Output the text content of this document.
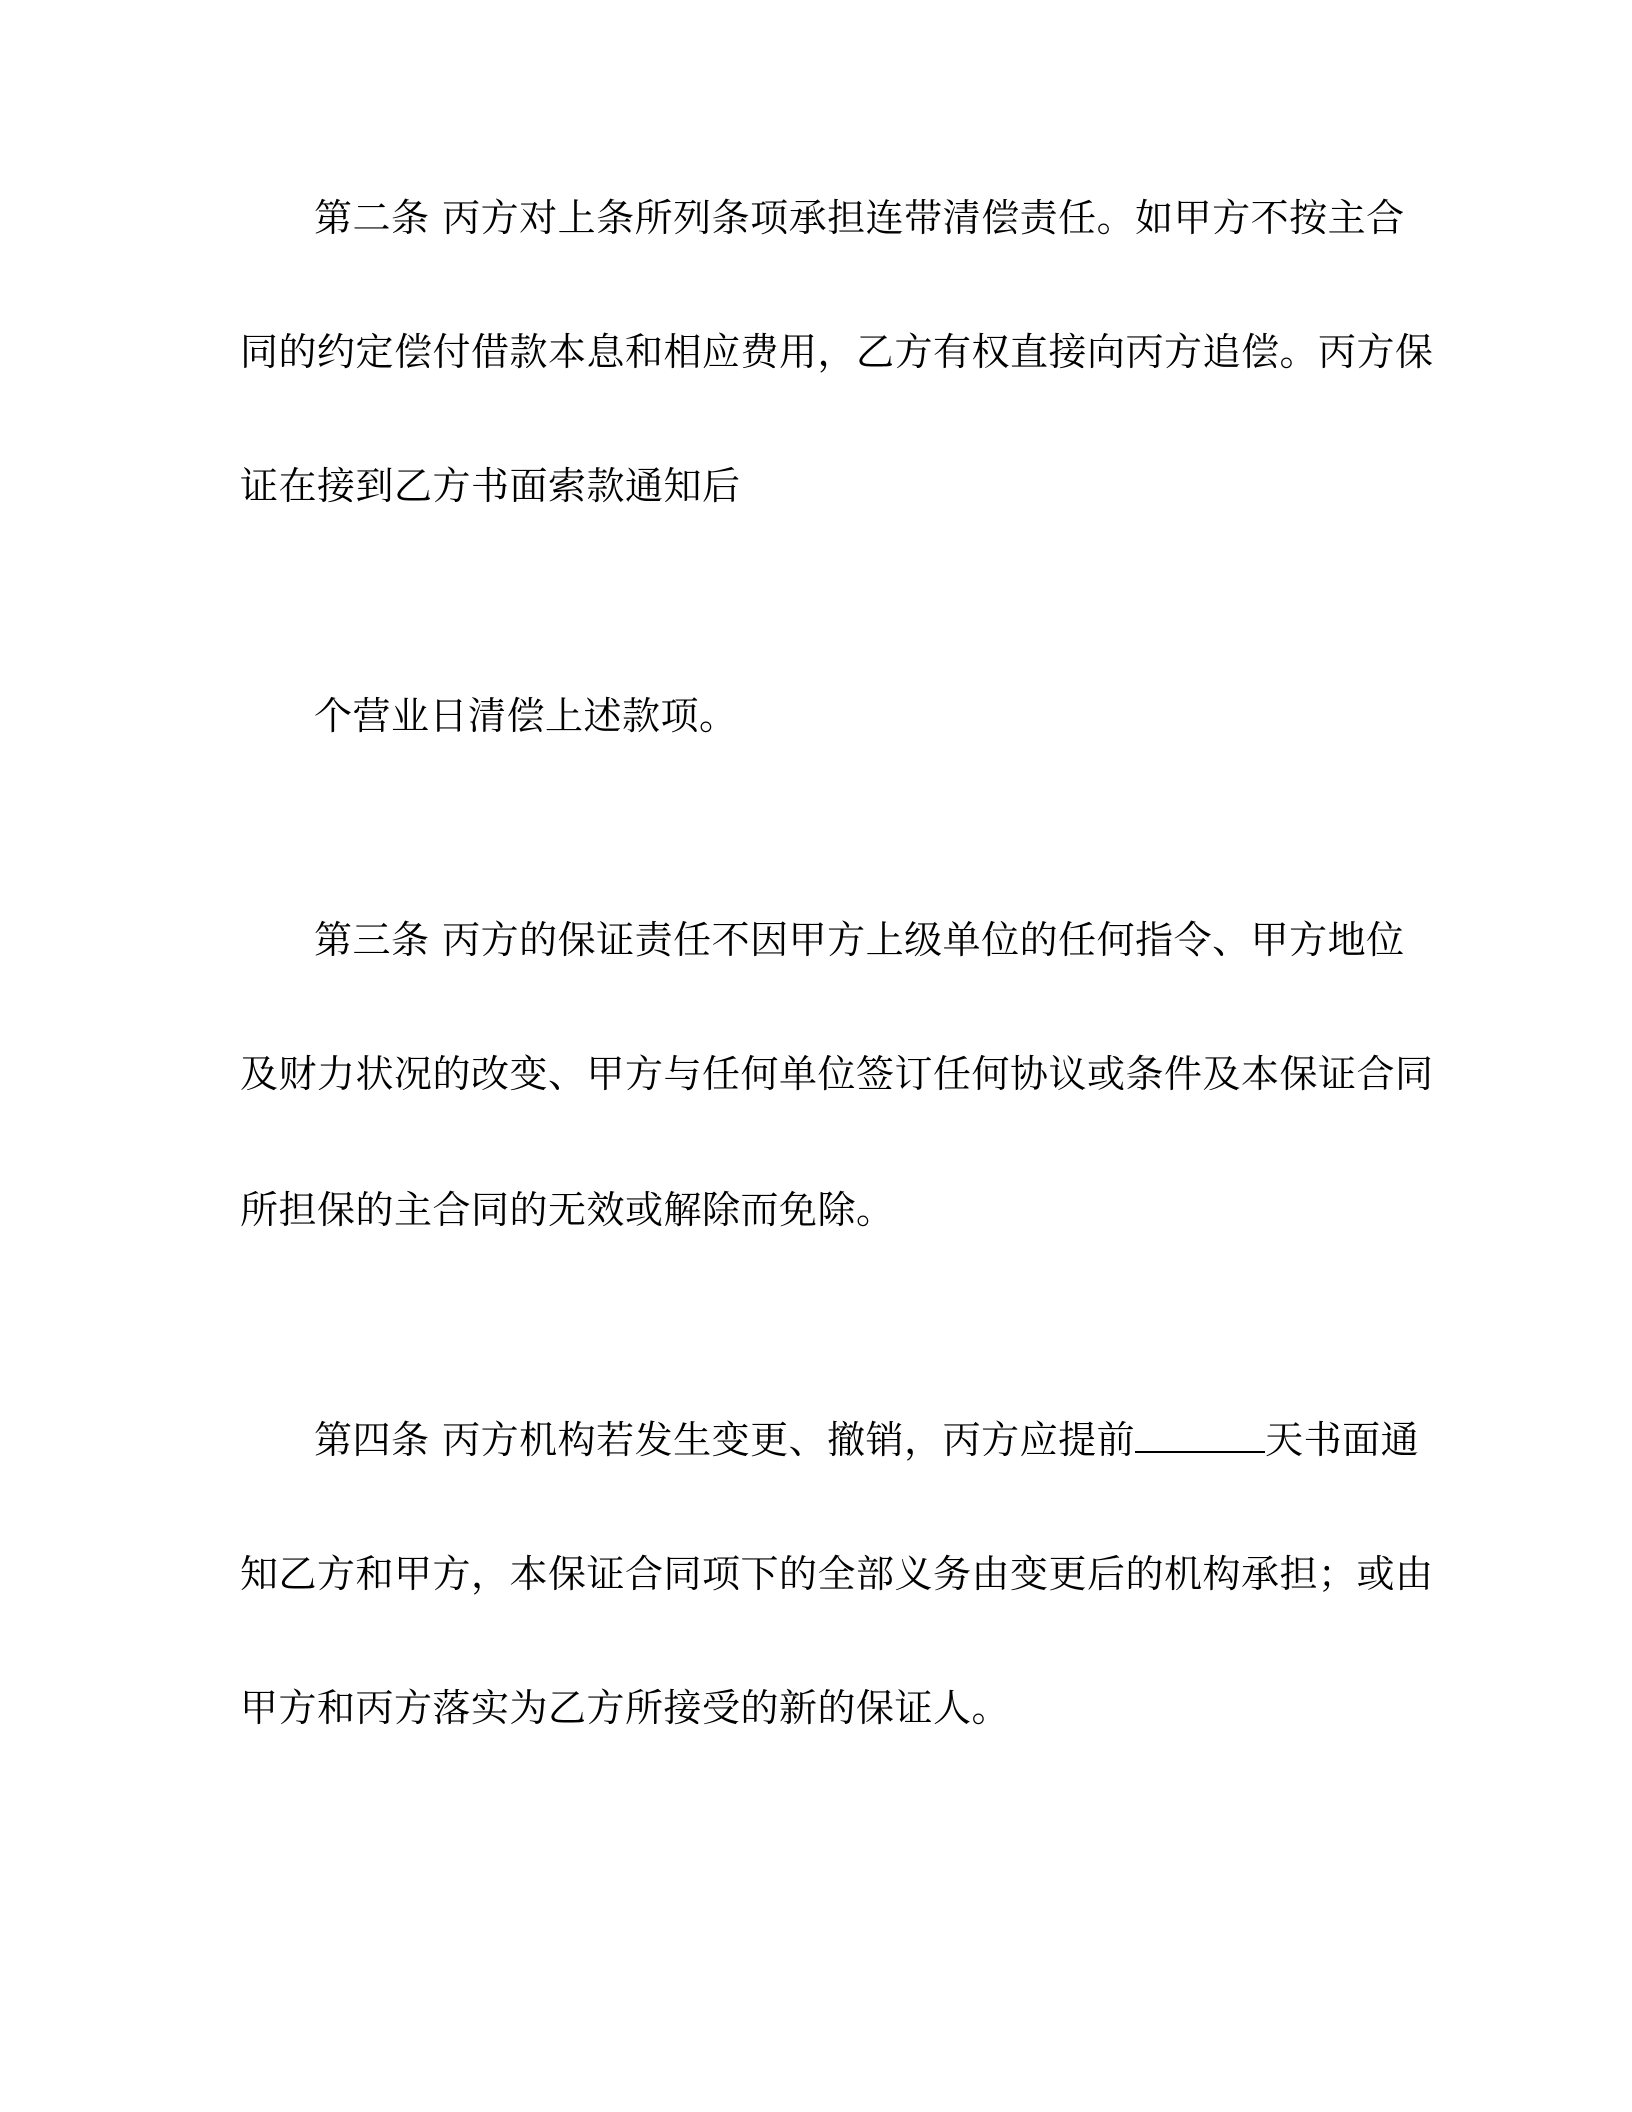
第二条 丙方对上条所列条项承担连带清偿责任。如甲方不按主合
同的约定偿付借款本息和相应费用，乙方有权直接向丙方追偿。丙方保
证在接到乙方书面索款通知后
个营业日清偿上述款项。
第三条 丙方的保证责任不因甲方上级单位的任何指令、甲方地位
及财力状况的改变、甲方与任何单位签订任何协议或条件及本保证合同
所担保的主合同的无效或解除而免除。
第四条 丙方机构若发生变更、撤销，丙方应提前	天书面通
知乙方和甲方，本保证合同项下的全部义务由变更后的机构承担；或由
甲方和丙方落实为乙方所接受的新的保证人。
